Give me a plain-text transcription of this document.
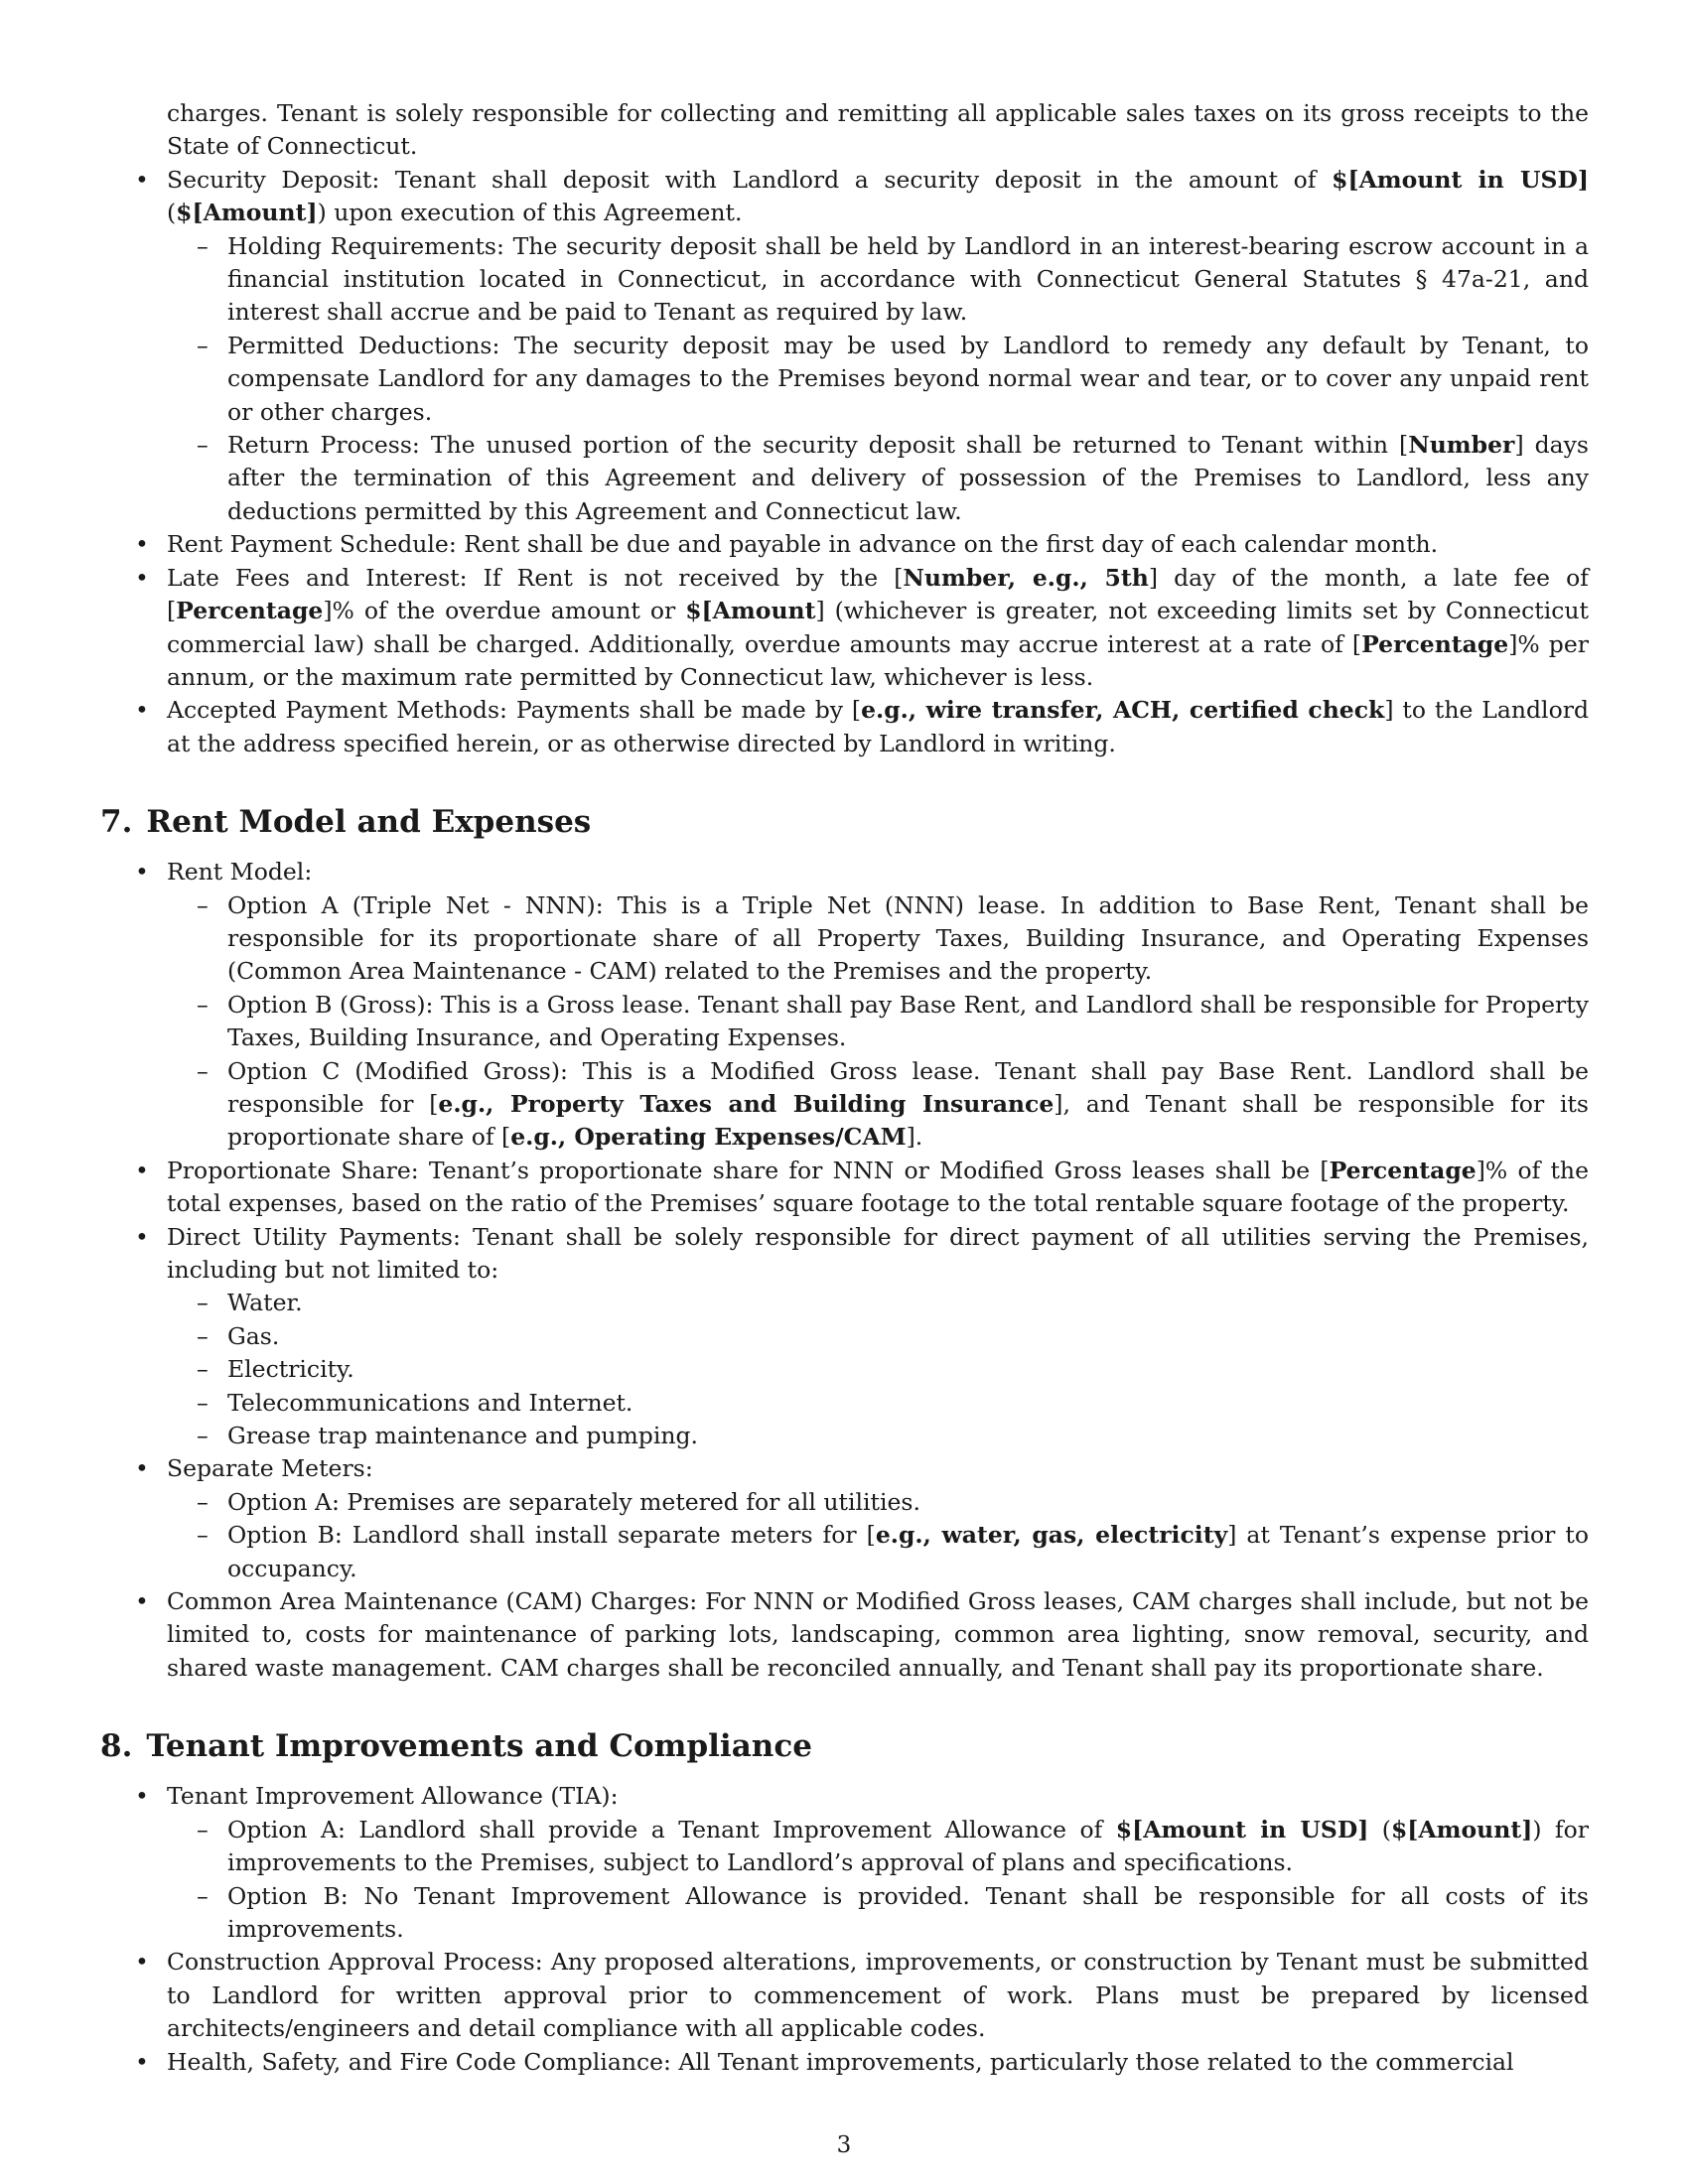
charges. Tenant is solely responsible for collecting and remitting all applicable sales taxes on its gross receipts to the State of Connecticut.

• Security Deposit: Tenant shall deposit with Landlord a security deposit in the amount of $[Amount in USD] ($[Amount]) upon execution of this Agreement.
– Holding Requirements: The security deposit shall be held by Landlord in an interest-bearing escrow account in a financial institution located in Connecticut, in accordance with Connecticut General Statutes § 47a-21, and interest shall accrue and be paid to Tenant as required by law.
– Permitted Deductions: The security deposit may be used by Landlord to remedy any default by Tenant, to compensate Landlord for any damages to the Premises beyond normal wear and tear, or to cover any unpaid rent or other charges.
– Return Process: The unused portion of the security deposit shall be returned to Tenant within [Number] days after the termination of this Agreement and delivery of possession of the Premises to Landlord, less any deductions permitted by this Agreement and Connecticut law.
• Rent Payment Schedule: Rent shall be due and payable in advance on the first day of each calendar month.
• Late Fees and Interest: If Rent is not received by the [Number, e.g., 5th] day of the month, a late fee of [Percentage]% of the overdue amount or $[Amount] (whichever is greater, not exceeding limits set by Connecticut commercial law) shall be charged. Additionally, overdue amounts may accrue interest at a rate of [Percentage]% per annum, or the maximum rate permitted by Connecticut law, whichever is less.
• Accepted Payment Methods: Payments shall be made by [e.g., wire transfer, ACH, certified check] to the Landlord at the address specified herein, or as otherwise directed by Landlord in writing.
7. Rent Model and Expenses
• Rent Model:
– Option A (Triple Net - NNN): This is a Triple Net (NNN) lease. In addition to Base Rent, Tenant shall be responsible for its proportionate share of all Property Taxes, Building Insurance, and Operating Expenses (Common Area Maintenance - CAM) related to the Premises and the property.
– Option B (Gross): This is a Gross lease. Tenant shall pay Base Rent, and Landlord shall be responsible for Property Taxes, Building Insurance, and Operating Expenses.
– Option C (Modified Gross): This is a Modified Gross lease. Tenant shall pay Base Rent. Landlord shall be responsible for [e.g., Property Taxes and Building Insurance], and Tenant shall be responsible for its proportionate share of [e.g., Operating Expenses/CAM].
• Proportionate Share: Tenant’s proportionate share for NNN or Modified Gross leases shall be [Percentage]% of the total expenses, based on the ratio of the Premises’ square footage to the total rentable square footage of the property.
• Direct Utility Payments: Tenant shall be solely responsible for direct payment of all utilities serving the Premises, including but not limited to:
– Water.
– Gas.
– Electricity.
– Telecommunications and Internet.
– Grease trap maintenance and pumping.
• Separate Meters:
– Option A: Premises are separately metered for all utilities.
– Option B: Landlord shall install separate meters for [e.g., water, gas, electricity] at Tenant’s expense prior to occupancy.
• Common Area Maintenance (CAM) Charges: For NNN or Modified Gross leases, CAM charges shall include, but not be limited to, costs for maintenance of parking lots, landscaping, common area lighting, snow removal, security, and shared waste management. CAM charges shall be reconciled annually, and Tenant shall pay its proportionate share.
8. Tenant Improvements and Compliance
• Tenant Improvement Allowance (TIA):
– Option A: Landlord shall provide a Tenant Improvement Allowance of $[Amount in USD] ($[Amount]) for improvements to the Premises, subject to Landlord’s approval of plans and specifications.
– Option B: No Tenant Improvement Allowance is provided. Tenant shall be responsible for all costs of its improvements.
• Construction Approval Process: Any proposed alterations, improvements, or construction by Tenant must be submitted to Landlord for written approval prior to commencement of work. Plans must be prepared by licensed architects/engineers and detail compliance with all applicable codes.
• Health, Safety, and Fire Code Compliance: All Tenant improvements, particularly those related to the commercial
3
